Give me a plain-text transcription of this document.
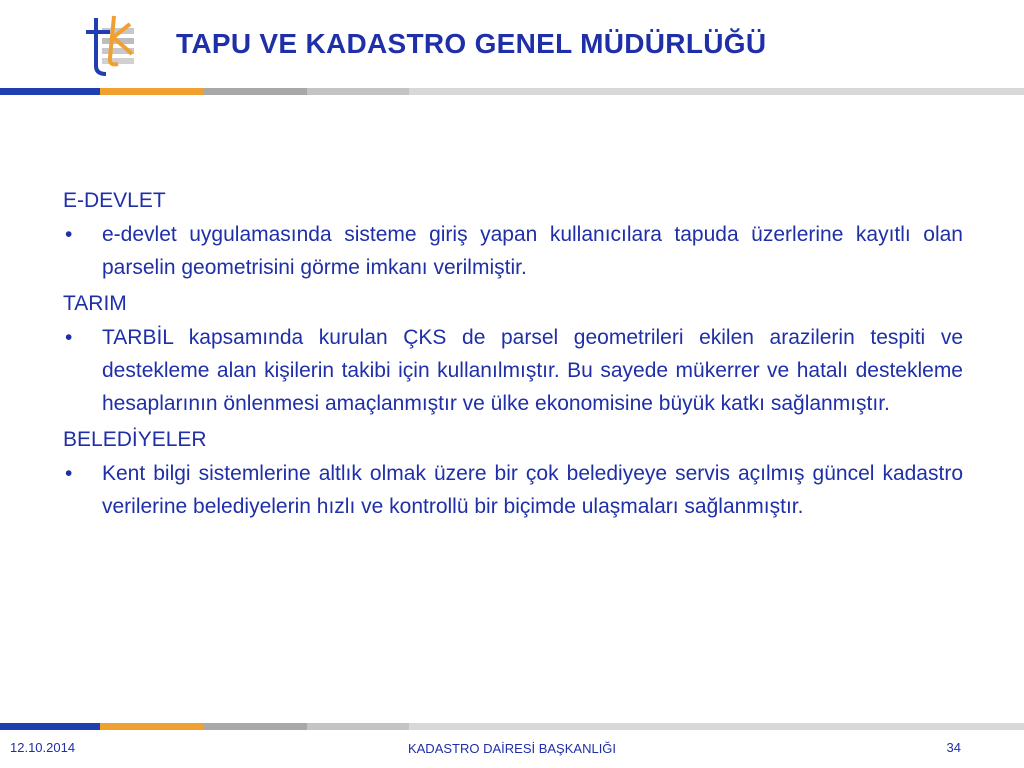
TAPU VE KADASTRO GENEL MÜDÜRLÜĞÜ
E-DEVLET
•	e-devlet uygulamasında sisteme giriş yapan kullanıcılara tapuda üzerlerine kayıtlı olan parselin geometrisini görme imkanı verilmiştir.

TARIM
•	TARBİL kapsamında kurulan ÇKS de parsel geometrileri ekilen arazilerin tespiti ve destekleme alan kişilerin takibi için kullanılmıştır. Bu sayede mükerrer ve hatalı destekleme hesaplarının önlenmesi amaçlanmıştır ve ülke ekonomisine büyük katkı sağlanmıştır.

BELEDİYELER
•	Kent bilgi sistemlerine altlık olmak üzere bir çok belediyeye servis açılmış güncel kadastro verilerine belediyelerin hızlı ve kontrollü bir biçimde ulaşmaları sağlanmıştır.

12.10.2014	KADASTRO DAİRESİ BAŞKANLIĞI	34
